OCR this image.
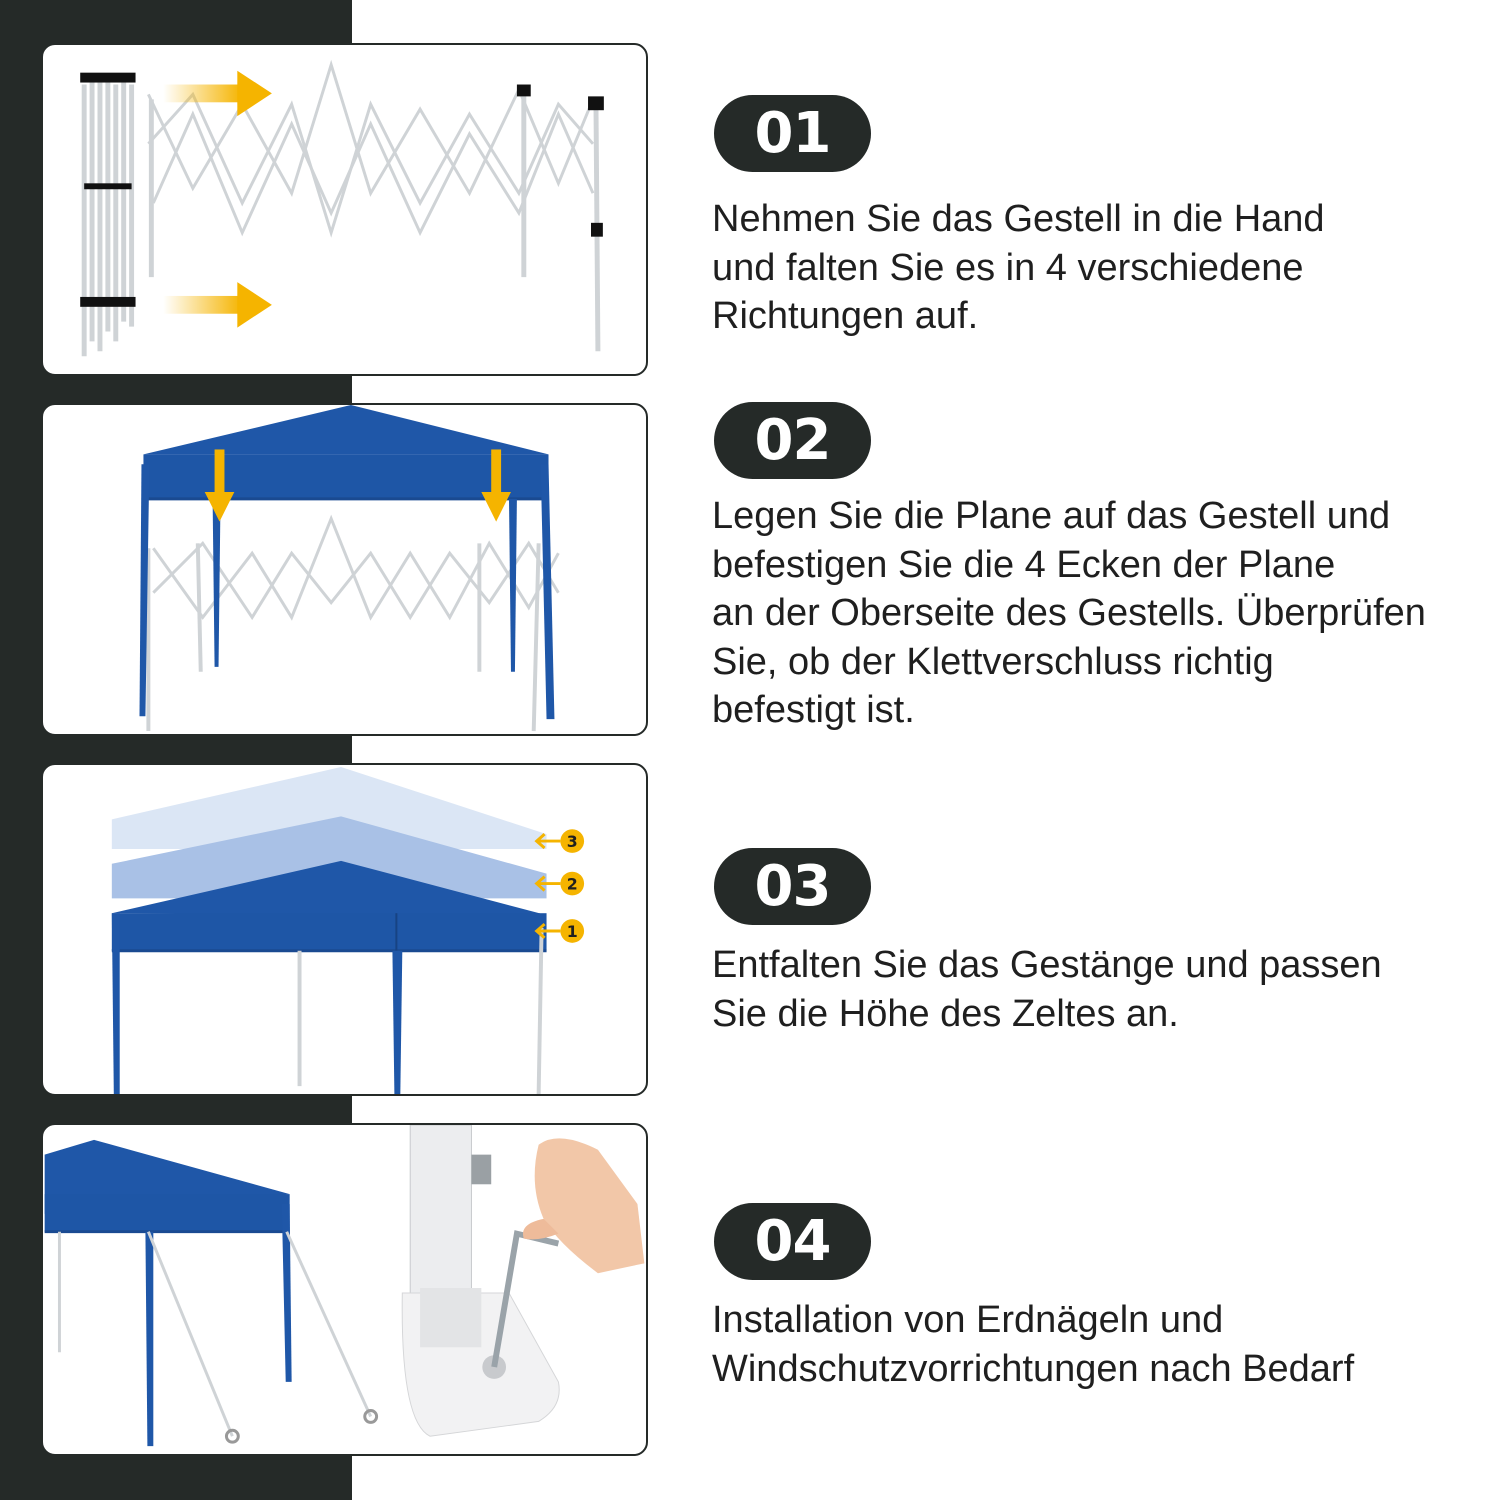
3
2
1
01
02
03
04
Nehmen Sie das Gestell in die Hand
und falten Sie es in 4 verschiedene
Richtungen auf.
Legen Sie die Plane auf das Gestell und
befestigen Sie die 4 Ecken der Plane
an der Oberseite des Gestells. Überprüfen
Sie, ob der Klettverschluss richtig
befestigt ist.
Entfalten Sie das Gestänge und passen
Sie die Höhe des Zeltes an.
Installation von Erdnägeln und
Windschutzvorrichtungen nach Bedarf
